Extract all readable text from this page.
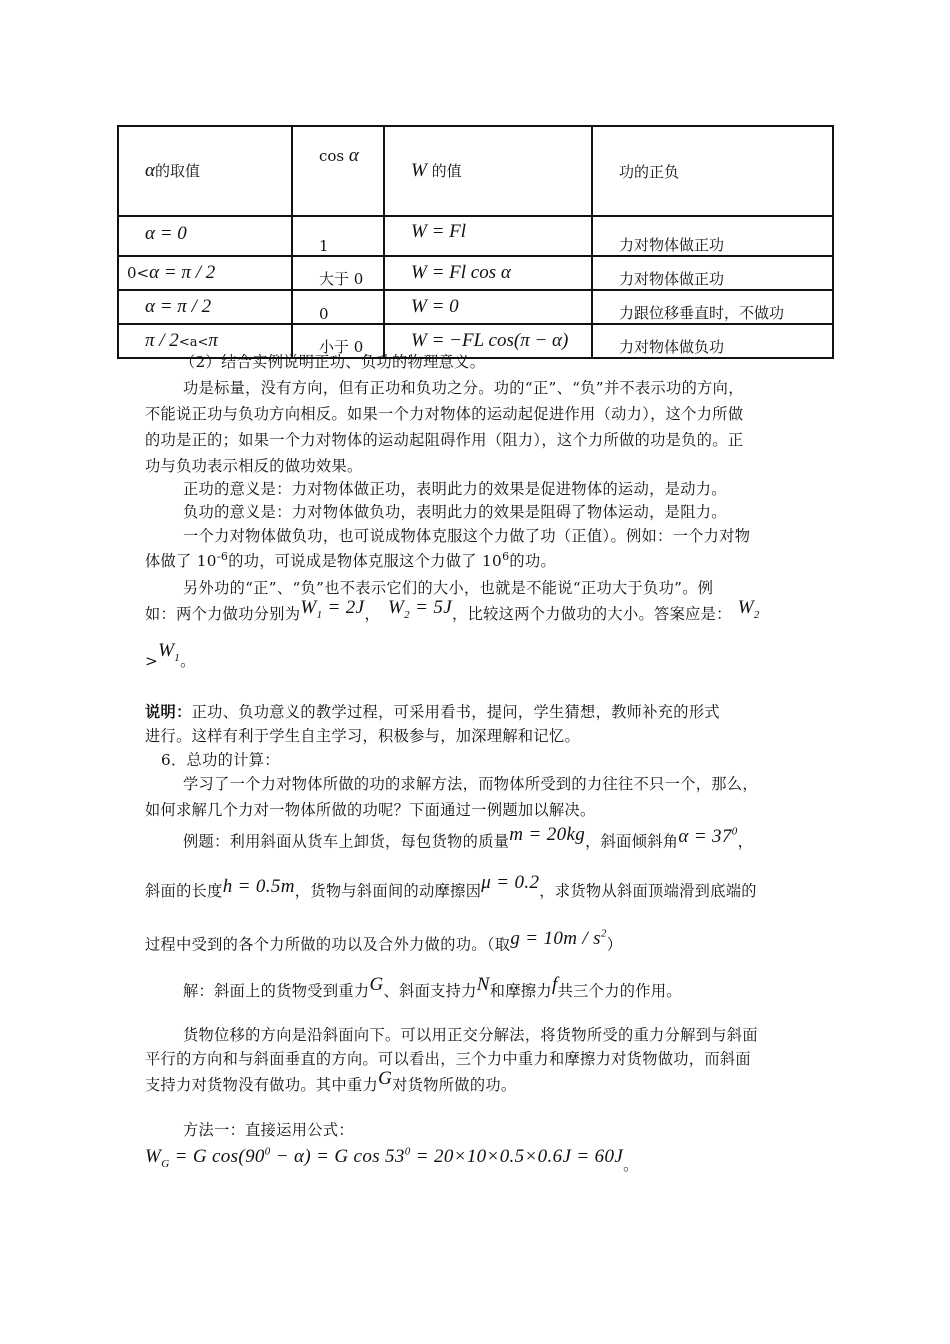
α的取值	cos α	W 的值	功的正负
α = 0	1	W = Fl	力对物体做正功
0<α = π / 2	大于 0	W = Fl cos α	力对物体做正功
α = π / 2	0	W = 0	力跟位移垂直时，不做功
π / 2<a<π	小于 0	W = −FL cos(π − α)	力对物体做负功
（2）结合实例说明正功、负功的物理意义。
功是标量，没有方向，但有正功和负功之分。功的“正”、“负”并不表示功的方向，
不能说正功与负功方向相反。如果一个力对物体的运动起促进作用（动力），这个力所做
的功是正的；如果一个力对物体的运动起阻碍作用（阻力），这个力所做的功是负的。正
功与负功表示相反的做功效果。
正功的意义是：力对物体做正功，表明此力的效果是促进物体的运动，是动力。
负功的意义是：力对物体做负功，表明此力的效果是阻碍了物体运动，是阻力。
一个力对物体做负功，也可说成物体克服这个力做了功（正值）。例如：一个力对物
体做了 $10^{-6}$的功，可说成是物体克服这个力做了 $10^6$的功。
另外功的“正”、“负”也不表示它们的大小，也就是不能说“正功大于负功”。例
如：两个力做功分别为$W_1 = 2J$， $W_2 = 5J$，比较这两个力做功的大小。答案应是： $W_2$
$>W_1$。
说明：正功、负功意义的教学过程，可采用看书，提问，学生猜想，教师补充的形式
进行。这样有利于学生自主学习，积极参与，加深理解和记忆。
6．总功的计算：
学习了一个力对物体所做的功的求解方法，而物体所受到的力往往不只一个，那么，
如何求解几个力对一物体所做的功呢？下面通过一例题加以解决。
例题：利用斜面从货车上卸货，每包货物的质量m = 20kg，斜面倾斜角$\alpha = 37^0$，
斜面的长度h = 0.5m，货物与斜面间的动摩擦因μ = 0.2，求货物从斜面顶端滑到底端的
过程中受到的各个力所做的功以及合外力做的功。（取$g = 10m / s^2$）
解：斜面上的货物受到重力G、斜面支持力N和摩擦力f共三个力的作用。
货物位移的方向是沿斜面向下。可以用正交分解法，将货物所受的重力分解到与斜面
平行的方向和与斜面垂直的方向。可以看出，三个力中重力和摩擦力对货物做功，而斜面
支持力对货物没有做功。其中重力G对货物所做的功。
方法一：直接运用公式：
$W_G = G$ $\cos(90^0 - \alpha) = G$ $\cos 53^0 = 20\times 10\times 0.5\times 0.6J = 60J$。
